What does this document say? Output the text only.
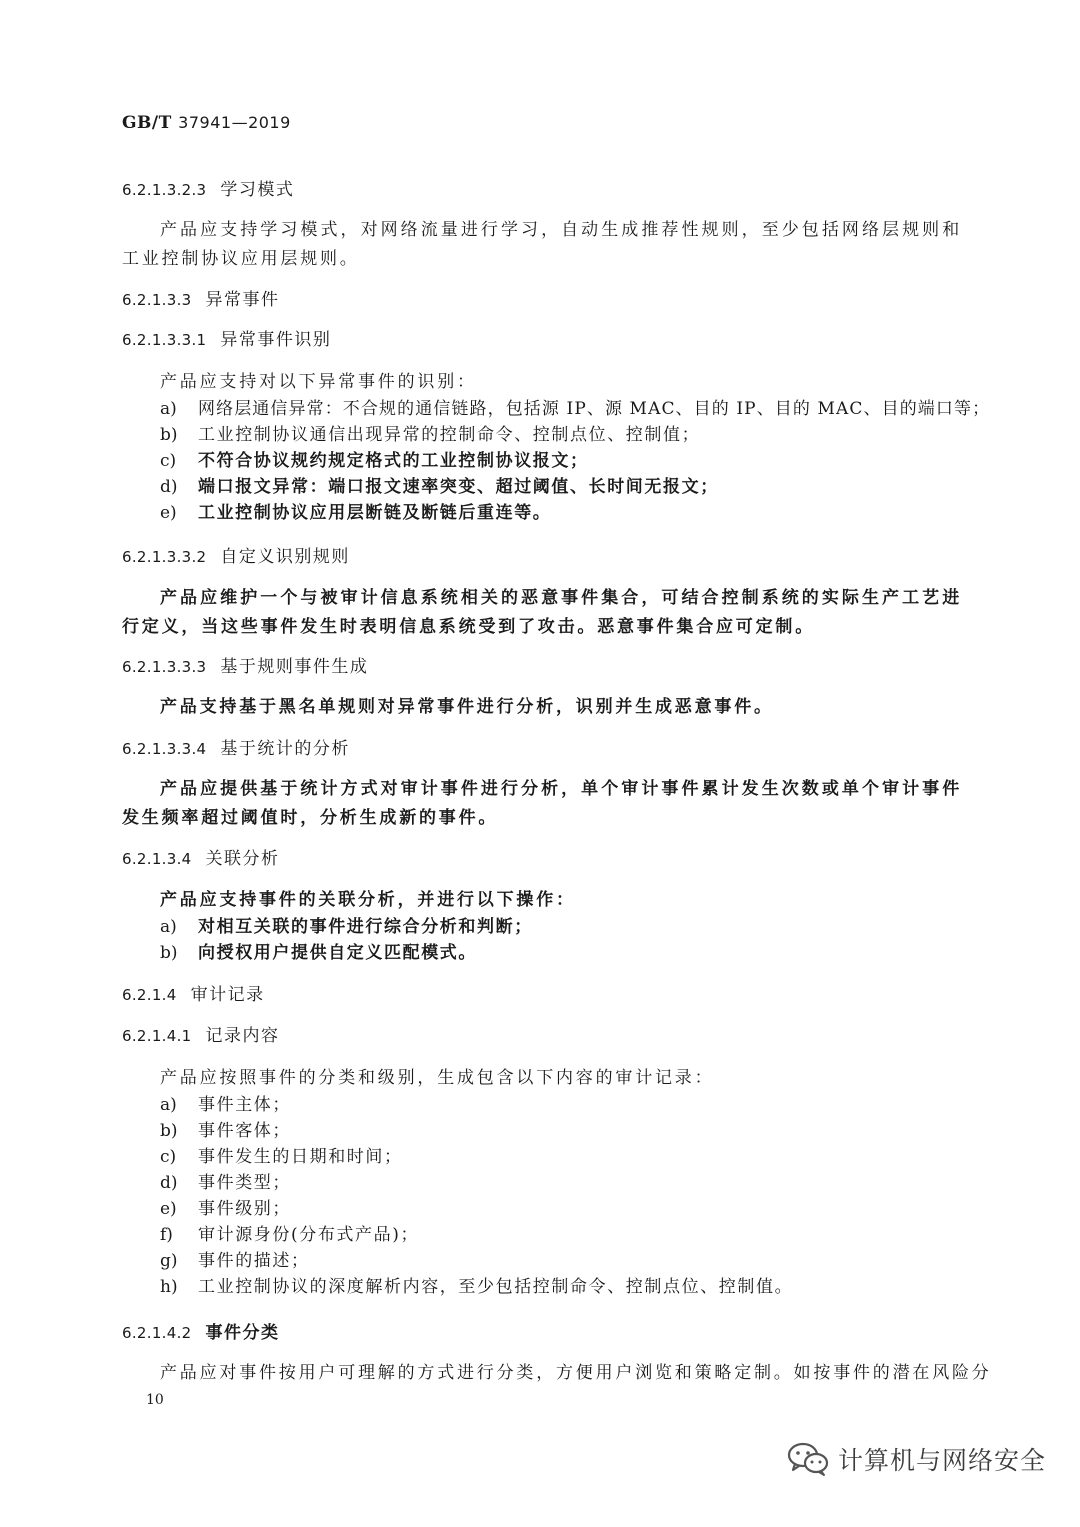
GB/T 37941—2019
6.2.1.3.2.3 学习模式
产品应支持学习模式，对网络流量进行学习，自动生成推荐性规则，至少包括网络层规则和工业控制协议应用层规则。
6.2.1.3.3 异常事件
6.2.1.3.3.1 异常事件识别
产品应支持对以下异常事件的识别：
a) 网络层通信异常：不合规的通信链路，包括源 IP、源 MAC、目的 IP、目的 MAC、目的端口等；
b) 工业控制协议通信出现异常的控制命令、控制点位、控制值；
c) 不符合协议规约规定格式的工业控制协议报文；
d) 端口报文异常：端口报文速率突变、超过阈值、长时间无报文；
e) 工业控制协议应用层断链及断链后重连等。
6.2.1.3.3.2 自定义识别规则
产品应维护一个与被审计信息系统相关的恶意事件集合，可结合控制系统的实际生产工艺进行定义，当这些事件发生时表明信息系统受到了攻击。恶意事件集合应可定制。
6.2.1.3.3.3 基于规则事件生成
产品支持基于黑名单规则对异常事件进行分析，识别并生成恶意事件。
6.2.1.3.3.4 基于统计的分析
产品应提供基于统计方式对审计事件进行分析，单个审计事件累计发生次数或单个审计事件发生频率超过阈值时，分析生成新的事件。
6.2.1.3.4 关联分析
产品应支持事件的关联分析，并进行以下操作：
a) 对相互关联的事件进行综合分析和判断；
b) 向授权用户提供自定义匹配模式。
6.2.1.4 审计记录
6.2.1.4.1 记录内容
产品应按照事件的分类和级别，生成包含以下内容的审计记录：
a) 事件主体；
b) 事件客体；
c) 事件发生的日期和时间；
d) 事件类型；
e) 事件级别；
f) 审计源身份(分布式产品)；
g) 事件的描述；
h) 工业控制协议的深度解析内容，至少包括控制命令、控制点位、控制值。
6.2.1.4.2 事件分类
产品应对事件按用户可理解的方式进行分类，方便用户浏览和策略定制。如按事件的潜在风险分
10
计算机与网络安全
